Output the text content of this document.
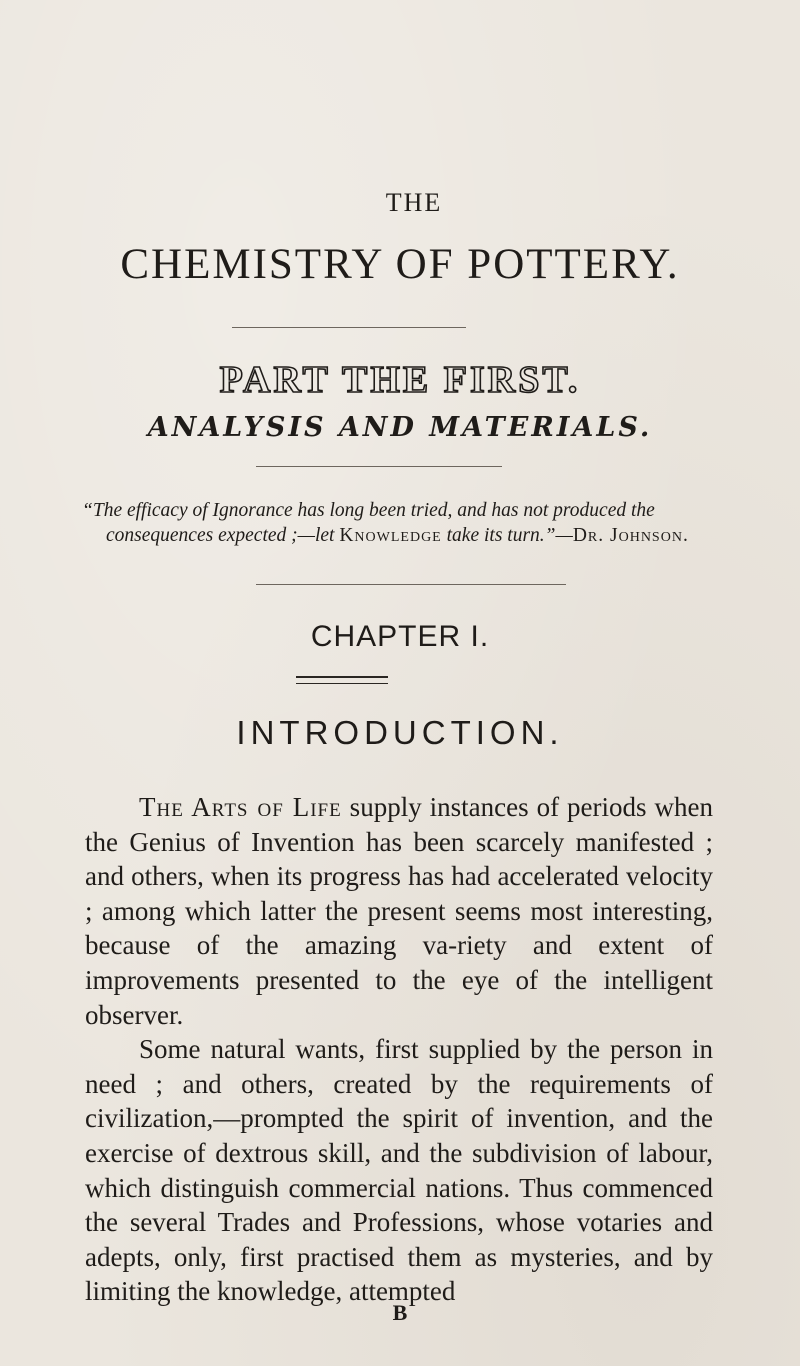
THE
CHEMISTRY OF POTTERY.
PART THE FIRST.
ANALYSIS AND MATERIALS.
“The efficacy of Ignorance has long been tried, and has not produced the
consequences expected ;—let Knowledge take its turn.”—Dr. Johnson.
CHAPTER I.
INTRODUCTION.

The Arts of Life supply instances of periods when the Genius of Invention has been scarcely manifested ; and others, when its progress has had accelerated velocity ; among which latter the present seems most interesting, because of the amazing va-riety and extent of improvements presented to the eye of the intelligent observer.

Some natural wants, first supplied by the person in need ; and others, created by the requirements of civilization,—prompted the spirit of invention, and the exercise of dextrous skill, and the subdivision of labour, which distinguish commercial nations. Thus commenced the several Trades and Professions, whose votaries and adepts, only, first practised them as mysteries, and by limiting the knowledge, attempted

B
